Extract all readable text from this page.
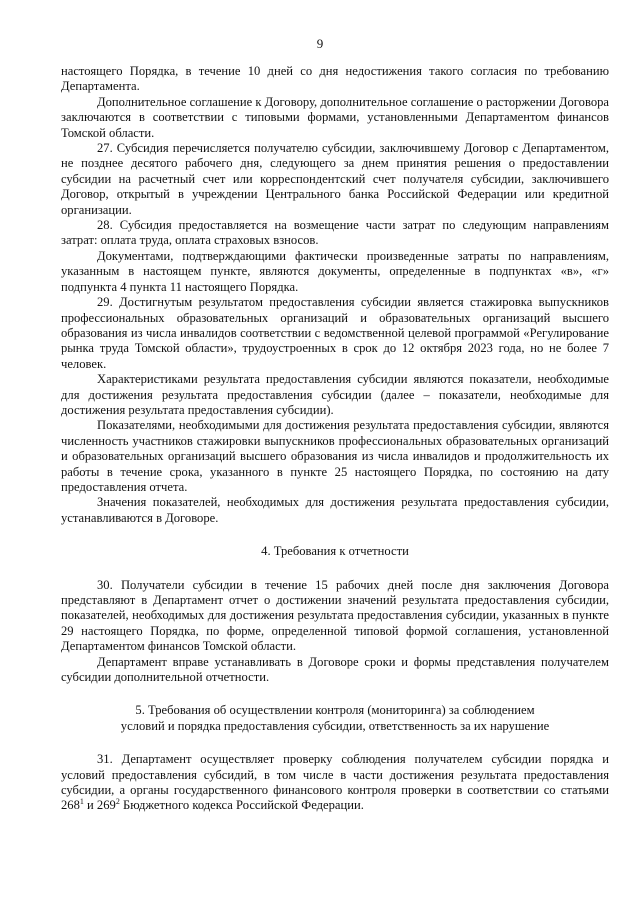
9

настоящего Порядка, в течение 10 дней со дня недостижения такого согласия по требованию Департамента.

Дополнительное соглашение к Договору, дополнительное соглашение о расторжении Договора заключаются в соответствии с типовыми формами, установленными Департаментом финансов Томской области.

27. Субсидия перечисляется получателю субсидии, заключившему Договор с Департаментом, не позднее десятого рабочего дня, следующего за днем принятия решения о предоставлении субсидии на расчетный счет или корреспондентский счет получателя субсидии, заключившего Договор, открытый в учреждении Центрального банка Российской Федерации или кредитной организации.

28. Субсидия предоставляется на возмещение части затрат по следующим направлениям затрат: оплата труда, оплата страховых взносов.

Документами, подтверждающими фактически произведенные затраты по направлениям, указанным в настоящем пункте, являются документы, определенные в подпунктах «в», «г» подпункта 4 пункта 11 настоящего Порядка.

29. Достигнутым результатом предоставления субсидии является стажировка выпускников профессиональных образовательных организаций и образовательных организаций высшего образования из числа инвалидов соответствии с ведомственной целевой программой «Регулирование рынка труда Томской области», трудоустроенных в срок до 12 октября 2023 года, но не более 7 человек.

Характеристиками результата предоставления субсидии являются показатели, необходимые для достижения результата предоставления субсидии (далее – показатели, необходимые для достижения результата предоставления субсидии).

Показателями, необходимыми для достижения результата предоставления субсидии, являются численность участников стажировки выпускников профессиональных образовательных организаций и образовательных организаций высшего образования из числа инвалидов и продолжительность их работы в течение срока, указанного в пункте 25 настоящего Порядка, по состоянию на дату предоставления отчета.

Значения показателей, необходимых для достижения результата предоставления субсидии, устанавливаются в Договоре.

4. Требования к отчетности

30. Получатели субсидии в течение 15 рабочих дней после дня заключения Договора представляют в Департамент отчет о достижении значений результата предоставления субсидии, показателей, необходимых для достижения результата предоставления субсидии, указанных в пункте 29 настоящего Порядка, по форме, определенной типовой формой соглашения, установленной Департаментом финансов Томской области.

Департамент вправе устанавливать в Договоре сроки и формы представления получателем субсидии дополнительной отчетности.

5. Требования об осуществлении контроля (мониторинга) за соблюдением

условий и порядка предоставления субсидии, ответственность за их нарушение

31. Департамент осуществляет проверку соблюдения получателем субсидии порядка и условий предоставления субсидий, в том числе в части достижения результата предоставления субсидии, а органы государственного финансового контроля проверки в соответствии со статьями $268^1$ и $269^2$ Бюджетного кодекса Российской Федерации.
